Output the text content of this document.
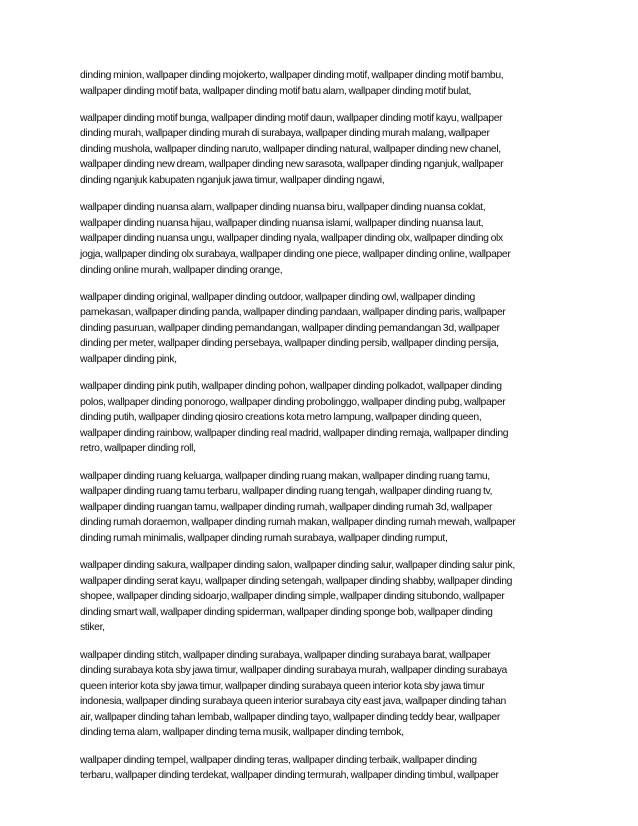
dinding minion, wallpaper dinding mojokerto, wallpaper dinding motif, wallpaper dinding motif bambu,
wallpaper dinding motif bata, wallpaper dinding motif batu alam, wallpaper dinding motif bulat,

wallpaper dinding motif bunga, wallpaper dinding motif daun, wallpaper dinding motif kayu, wallpaper
dinding murah, wallpaper dinding murah di surabaya, wallpaper dinding murah malang, wallpaper
dinding mushola, wallpaper dinding naruto, wallpaper dinding natural, wallpaper dinding new chanel,
wallpaper dinding new dream, wallpaper dinding new sarasota, wallpaper dinding nganjuk, wallpaper
dinding nganjuk kabupaten nganjuk jawa timur, wallpaper dinding ngawi,

wallpaper dinding nuansa alam, wallpaper dinding nuansa biru, wallpaper dinding nuansa coklat,
wallpaper dinding nuansa hijau, wallpaper dinding nuansa islami, wallpaper dinding nuansa laut,
wallpaper dinding nuansa ungu, wallpaper dinding nyala, wallpaper dinding olx, wallpaper dinding olx
jogja, wallpaper dinding olx surabaya, wallpaper dinding one piece, wallpaper dinding online, wallpaper
dinding online murah, wallpaper dinding orange,

wallpaper dinding original, wallpaper dinding outdoor, wallpaper dinding owl, wallpaper dinding
pamekasan, wallpaper dinding panda, wallpaper dinding pandaan, wallpaper dinding paris, wallpaper
dinding pasuruan, wallpaper dinding pemandangan, wallpaper dinding pemandangan 3d, wallpaper
dinding per meter, wallpaper dinding persebaya, wallpaper dinding persib, wallpaper dinding persija,
wallpaper dinding pink,

wallpaper dinding pink putih, wallpaper dinding pohon, wallpaper dinding polkadot, wallpaper dinding
polos, wallpaper dinding ponorogo, wallpaper dinding probolinggo, wallpaper dinding pubg, wallpaper
dinding putih, wallpaper dinding qiosiro creations kota metro lampung, wallpaper dinding queen,
wallpaper dinding rainbow, wallpaper dinding real madrid, wallpaper dinding remaja, wallpaper dinding
retro, wallpaper dinding roll,

wallpaper dinding ruang keluarga, wallpaper dinding ruang makan, wallpaper dinding ruang tamu,
wallpaper dinding ruang tamu terbaru, wallpaper dinding ruang tengah, wallpaper dinding ruang tv,
wallpaper dinding ruangan tamu, wallpaper dinding rumah, wallpaper dinding rumah 3d, wallpaper
dinding rumah doraemon, wallpaper dinding rumah makan, wallpaper dinding rumah mewah, wallpaper
dinding rumah minimalis, wallpaper dinding rumah surabaya, wallpaper dinding rumput,

wallpaper dinding sakura, wallpaper dinding salon, wallpaper dinding salur, wallpaper dinding salur pink,
wallpaper dinding serat kayu, wallpaper dinding setengah, wallpaper dinding shabby, wallpaper dinding
shopee, wallpaper dinding sidoarjo, wallpaper dinding simple, wallpaper dinding situbondo, wallpaper
dinding smart wall, wallpaper dinding spiderman, wallpaper dinding sponge bob, wallpaper dinding
stiker,

wallpaper dinding stitch, wallpaper dinding surabaya, wallpaper dinding surabaya barat, wallpaper
dinding surabaya kota sby jawa timur, wallpaper dinding surabaya murah, wallpaper dinding surabaya
queen interior kota sby jawa timur, wallpaper dinding surabaya queen interior kota sby jawa timur
indonesia, wallpaper dinding surabaya queen interior surabaya city east java, wallpaper dinding tahan
air, wallpaper dinding tahan lembab, wallpaper dinding tayo, wallpaper dinding teddy bear, wallpaper
dinding tema alam, wallpaper dinding tema musik, wallpaper dinding tembok,

wallpaper dinding tempel, wallpaper dinding teras, wallpaper dinding terbaik, wallpaper dinding
terbaru, wallpaper dinding terdekat, wallpaper dinding termurah, wallpaper dinding timbul, wallpaper
